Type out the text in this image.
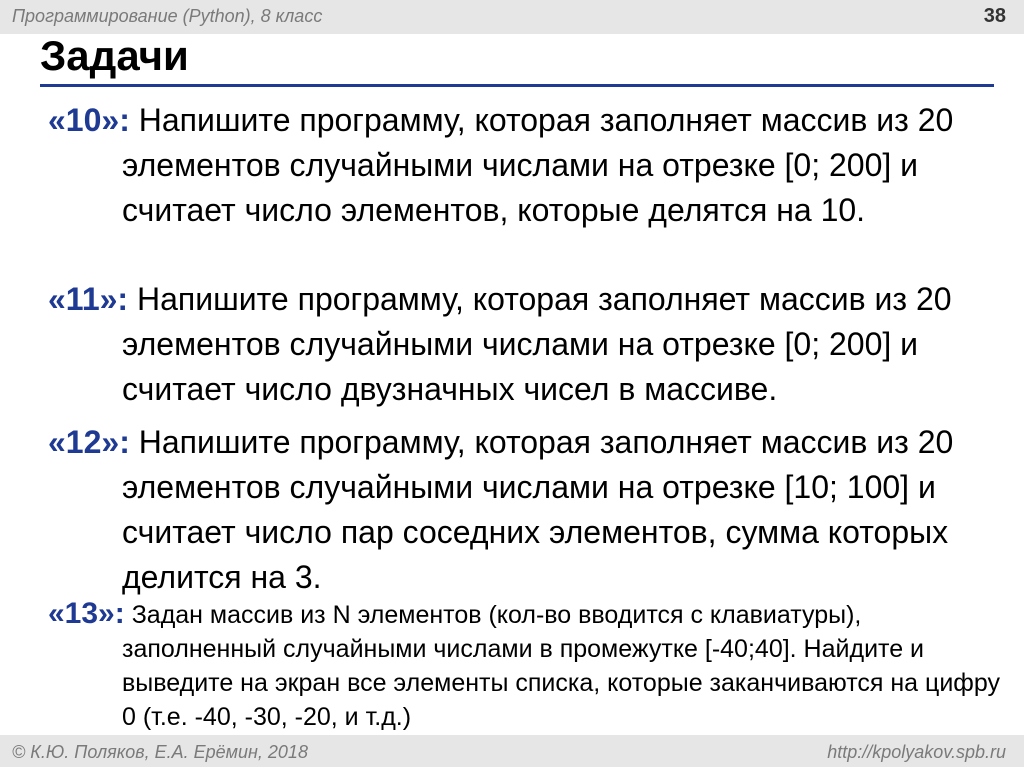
Программирование (Python), 8 класс	38
Задачи
«10»: Напишите программу, которая заполняет массив из 20 элементов случайными числами на отрезке [0; 200] и считает число элементов, которые делятся на 10.
«11»: Напишите программу, которая заполняет массив из 20 элементов случайными числами на отрезке [0; 200] и считает число двузначных чисел в массиве.
«12»: Напишите программу, которая заполняет массив из 20 элементов случайными числами на отрезке [10; 100] и считает число пар соседних элементов, сумма которых делится на 3.
«13»: Задан массив из N элементов (кол-во вводится с клавиатуры), заполненный случайными числами в промежутке [-40;40]. Найдите и выведите на экран все элементы списка, которые заканчиваются на цифру 0 (т.е. -40, -30, -20, и т.д.)
© К.Ю. Поляков, Е.А. Ерёмин, 2018	http://kpolyakov.spb.ru
